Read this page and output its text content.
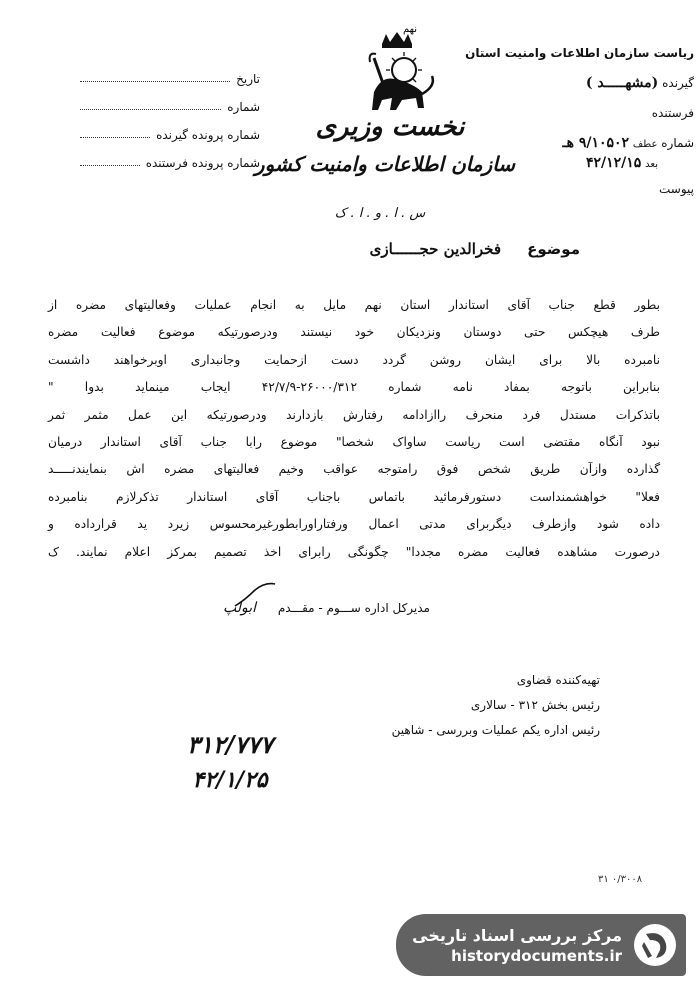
تاریخ
شماره
شماره پرونده گیرنده
شماره پرونده فرستنده
نهم
ریاست سازمان اطلاعات وامنیت استان
گیرنده (مشهـــــد )
فرستنده
شماره عطف ۹/۱۰۵۰۲ هـ
بعد ۴۲/۱۲/۱۵
پیوست
نخست وزیری
سازمان اطلاعات وامنیت کشور
س . ا . و . ا . ک
موضوع     فخرالدین حجــــــازی
بطور قطع جناب آقای استاندار استان نهم مایل به انجام عملیات وفعالیتهای مضره از
طرف هیچکس حتی دوستان ونزدیکان خود نیستند ودرصورتیکه موضوع فعالیت مضره
نامبرده بالا برای ایشان روشن گردد دست ازحمایت وجانبداری اوبرخواهند داشست
بنابراین باتوجه بمفاد نامه شماره ۲۶۰۰۰/۳۱۲-۴۲/۷/۹ ایجاب مینماید بدوا "
باتذکرات مستدل فرد منحرف راازادامه رفتارش بازدارند ودرصورتیکه این عمل مثمر ثمر
نبود آنگاه مقتضی است ریاست ساواک شخصا" موضوع رابا جناب آقای استاندار درمیان
گذارده وازآن طریق شخص فوق رامتوجه عواقب وخیم فعالیتهای مضره اش بنمایندنـــــد
فعلا" خواهشمنداست دستورفرمائید باتماس باجناب آقای استاندار تذکرلازم بنامبرده
داده شود وازطرف دیگربرای مدتی اعمال ورفتاراورابطورغیرمحسوس زیرد ید قرارداده و
درصورت مشاهده فعالیت مضره مجددا" چگونگی رابرای اخذ تصمیم بمرکز اعلام نمایند. ک
مدیرکل اداره ســـوم - مقـــدم ابولپ
تهیه‌کننده قضاوی
رئیس بخش ۳۱۲ - سالاری
رئیس اداره یکم عملیات وبررسی - شاهین
۳۱۲/۷۷۷
۴۲/۱/۲۵
۳۱ ۰/۳۰۰۸
مرکز بررسی اسناد تاریخی
historydocuments.ir
